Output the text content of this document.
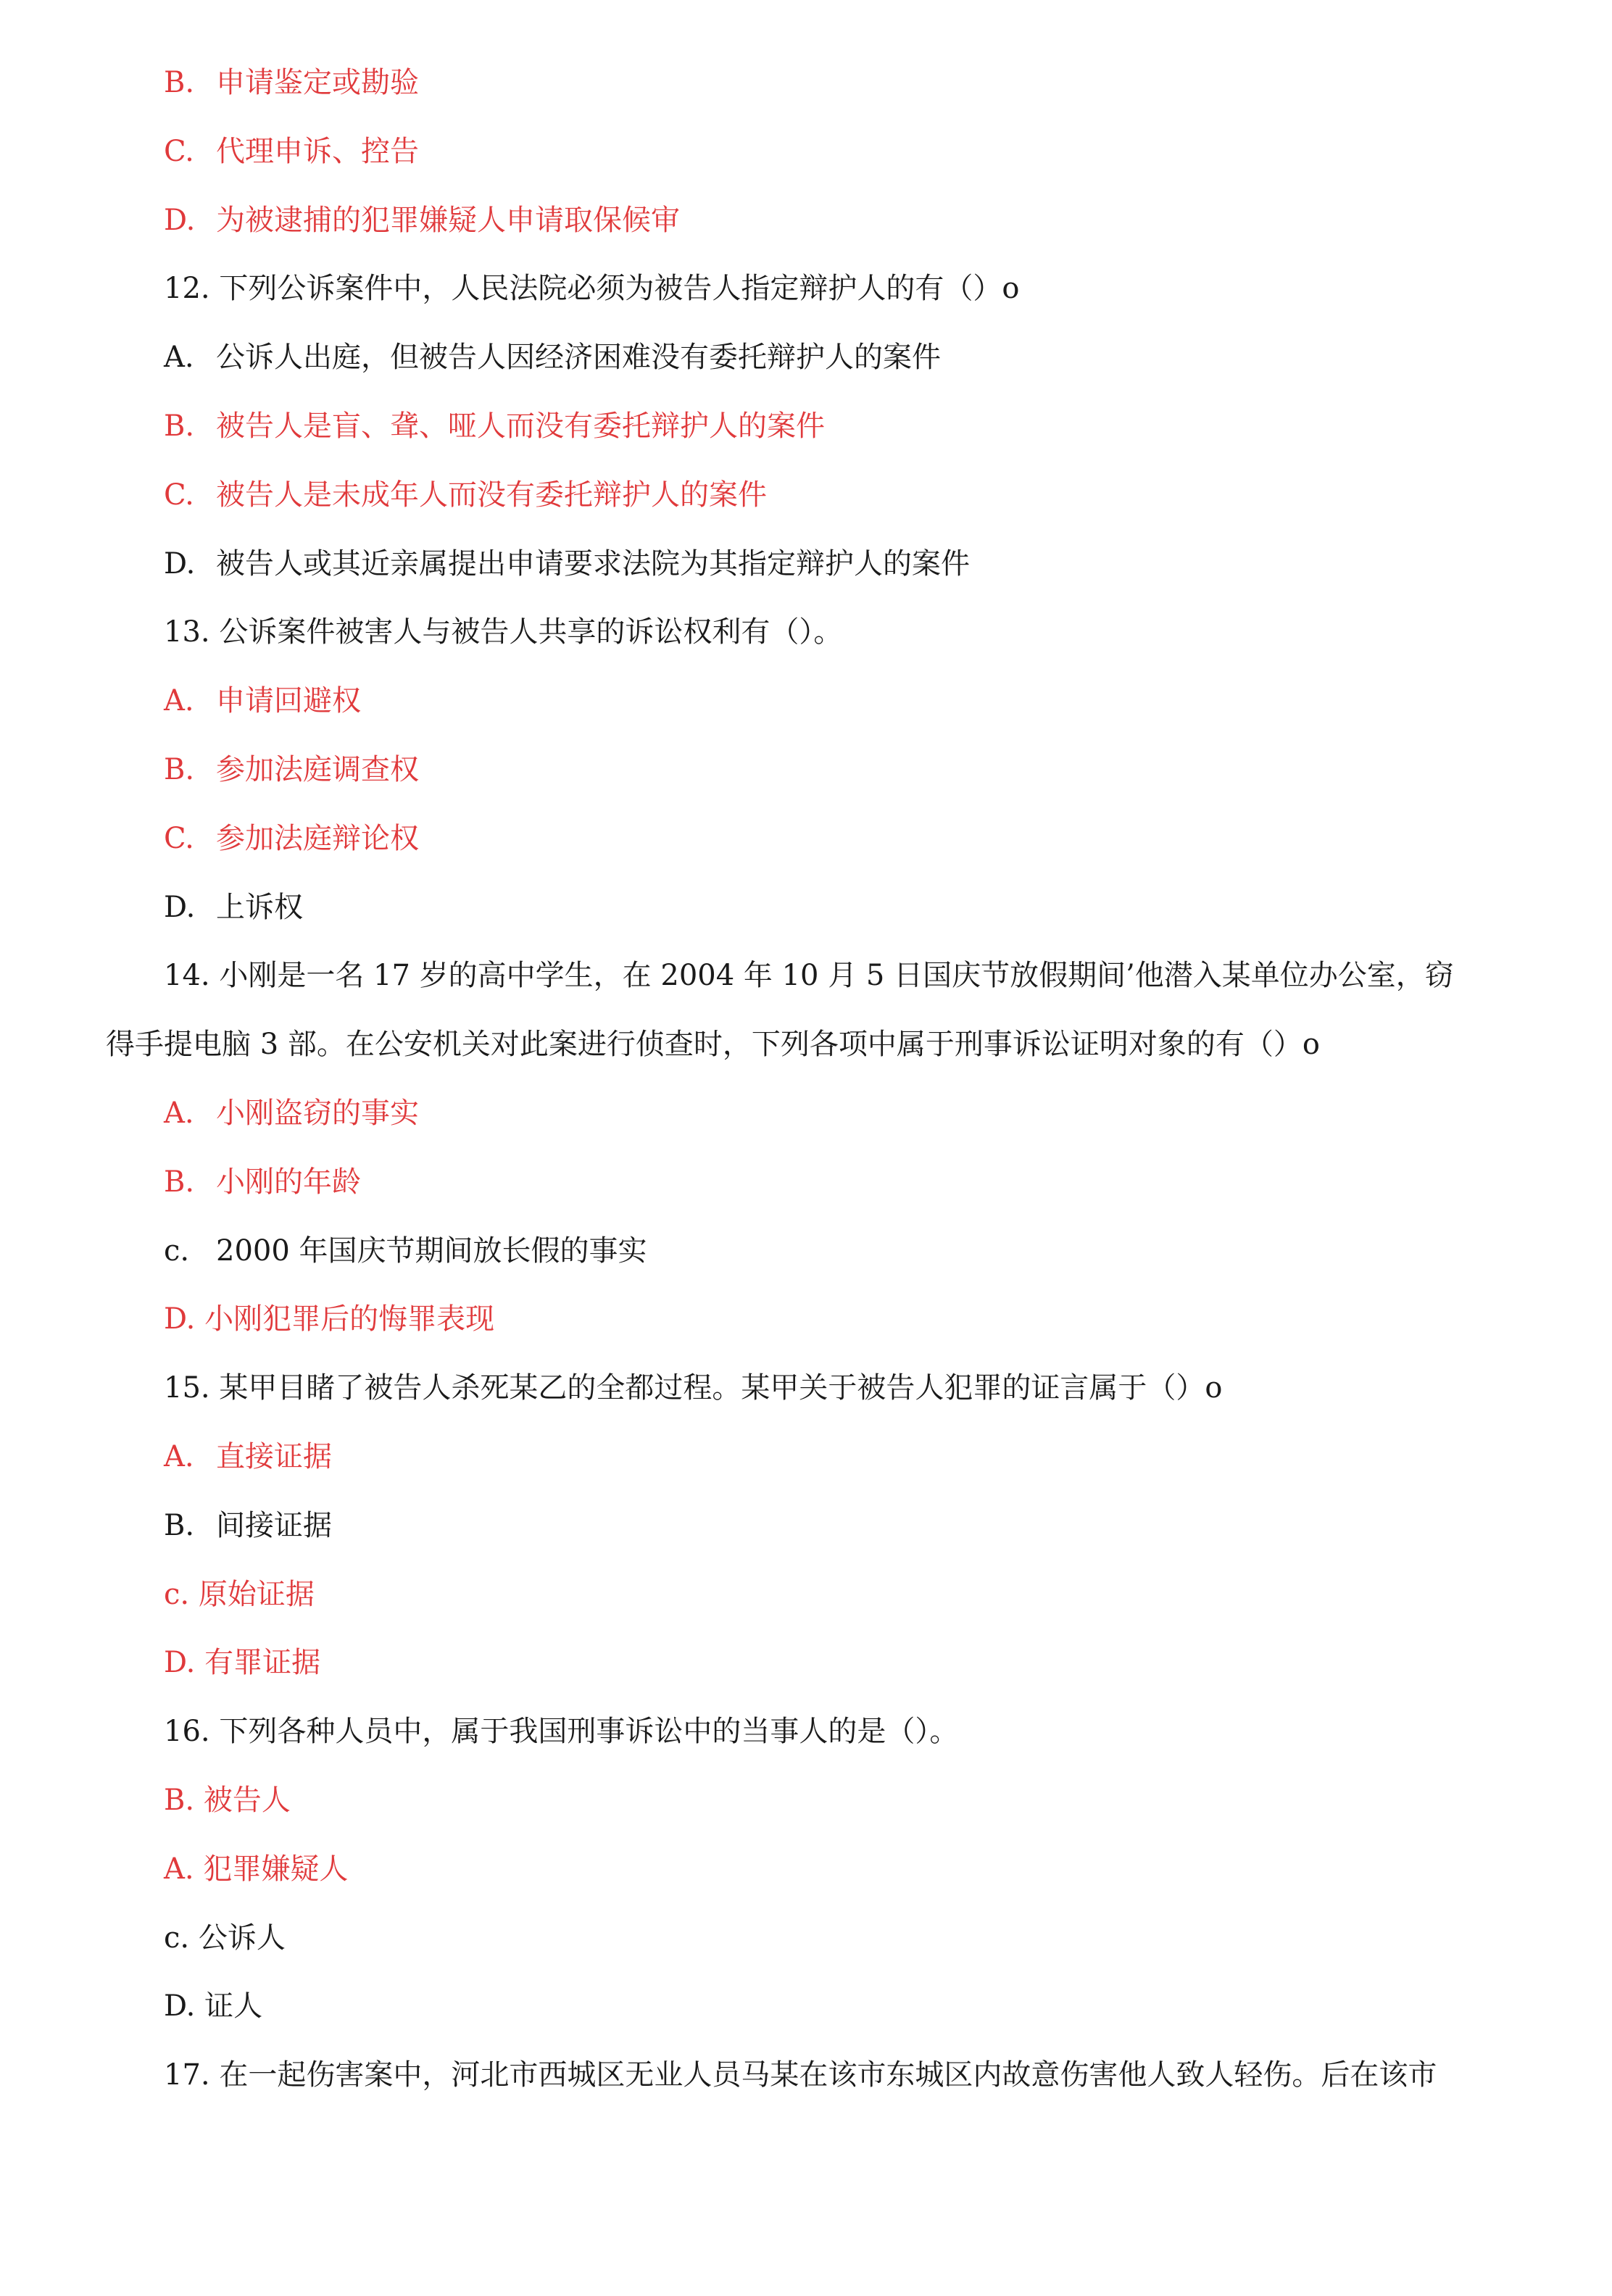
B. 申请鉴定或勘验
C. 代理申诉、控告
D. 为被逮捕的犯罪嫌疑人申请取保候审
12. 下列公诉案件中，人民法院必须为被告人指定辩护人的有（）o
A. 公诉人出庭，但被告人因经济困难没有委托辩护人的案件
B. 被告人是盲、聋、哑人而没有委托辩护人的案件
C. 被告人是未成年人而没有委托辩护人的案件
D. 被告人或其近亲属提出申请要求法院为其指定辩护人的案件
13. 公诉案件被害人与被告人共享的诉讼权利有（）。
A. 申请回避权
B. 参加法庭调查权
C. 参加法庭辩论权
D. 上诉权
14. 小刚是一名 17 岁的高中学生，在 2004 年 10 月 5 日国庆节放假期间’他潜入某单位办公室，窃
得手提电脑 3 部。在公安机关对此案进行侦查时，下列各项中属于刑事诉讼证明对象的有（）o
A. 小刚盗窃的事实
B. 小刚的年龄
c. 2000 年国庆节期间放长假的事实
D. 小刚犯罪后的悔罪表现
15. 某甲目睹了被告人杀死某乙的全都过程。某甲关于被告人犯罪的证言属于（）o
A. 直接证据
B. 间接证据
c. 原始证据
D. 有罪证据
16. 下列各种人员中，属于我国刑事诉讼中的当事人的是（）。
B. 被告人
A. 犯罪嫌疑人
c. 公诉人
D. 证人
17. 在一起伤害案中，河北市西城区无业人员马某在该市东城区内故意伤害他人致人轻伤。后在该市
